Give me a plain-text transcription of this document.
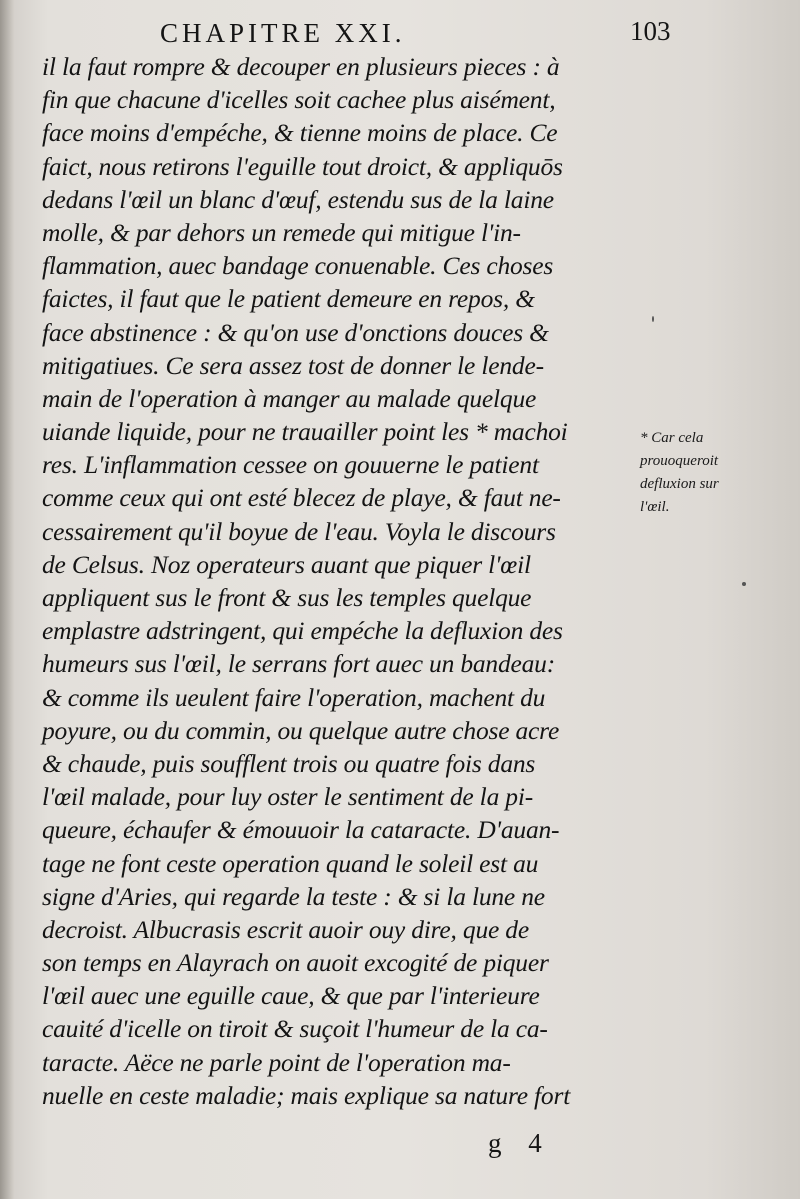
CHAPITRE XXI.	103
il la faut rompre & decouper en plusieurs pieces : à
fin que chacune d'icelles soit cachee plus aisément,
face moins d'empéche, & tienne moins de place. Ce
faict, nous retirons l'eguille tout droict, & appliquōs
dedans l'œil un blanc d'œuf, estendu sus de la laine
molle, & par dehors un remede qui mitigue l'in-
flammation, auec bandage conuenable. Ces choses
faictes, il faut que le patient demeure en repos, &
face abstinence : & qu'on use d'onctions douces &
mitigatiues. Ce sera assez tost de donner le lende-
main de l'operation à manger au malade quelque
uiande liquide, pour ne trauailler point les * machoi
res. L'inflammation cessee on gouuerne le patient
comme ceux qui ont esté blecez de playe, & faut ne-
cessairement qu'il boyue de l'eau. Voyla le discours
de Celsus. Noz operateurs auant que piquer l'œil
appliquent sus le front & sus les temples quelque
emplastre adstringent, qui empéche la defluxion des
humeurs sus l'œil, le serrans fort auec un bandeau:
& comme ils ueulent faire l'operation, machent du
poyure, ou du commin, ou quelque autre chose acre
& chaude, puis soufflent trois ou quatre fois dans
l'œil malade, pour luy oster le sentiment de la pi-
queure, échaufer & émouuoir la cataracte. D'auan-
tage ne font ceste operation quand le soleil est au
signe d'Aries, qui regarde la teste : & si la lune ne
decroist. Albucrasis escrit auoir ouy dire, que de
son temps en Alayrach on auoit excogité de piquer
l'œil auec une eguille caue, & que par l'interieure
cauité d'icelle on tiroit & suçoit l'humeur de la ca-
taracte. Aëce ne parle point de l'operation ma-
nuelle en ceste maladie; mais explique sa nature fort
* Car cela
prouoqueroit
defluxion sur
l'œil.
g 4
